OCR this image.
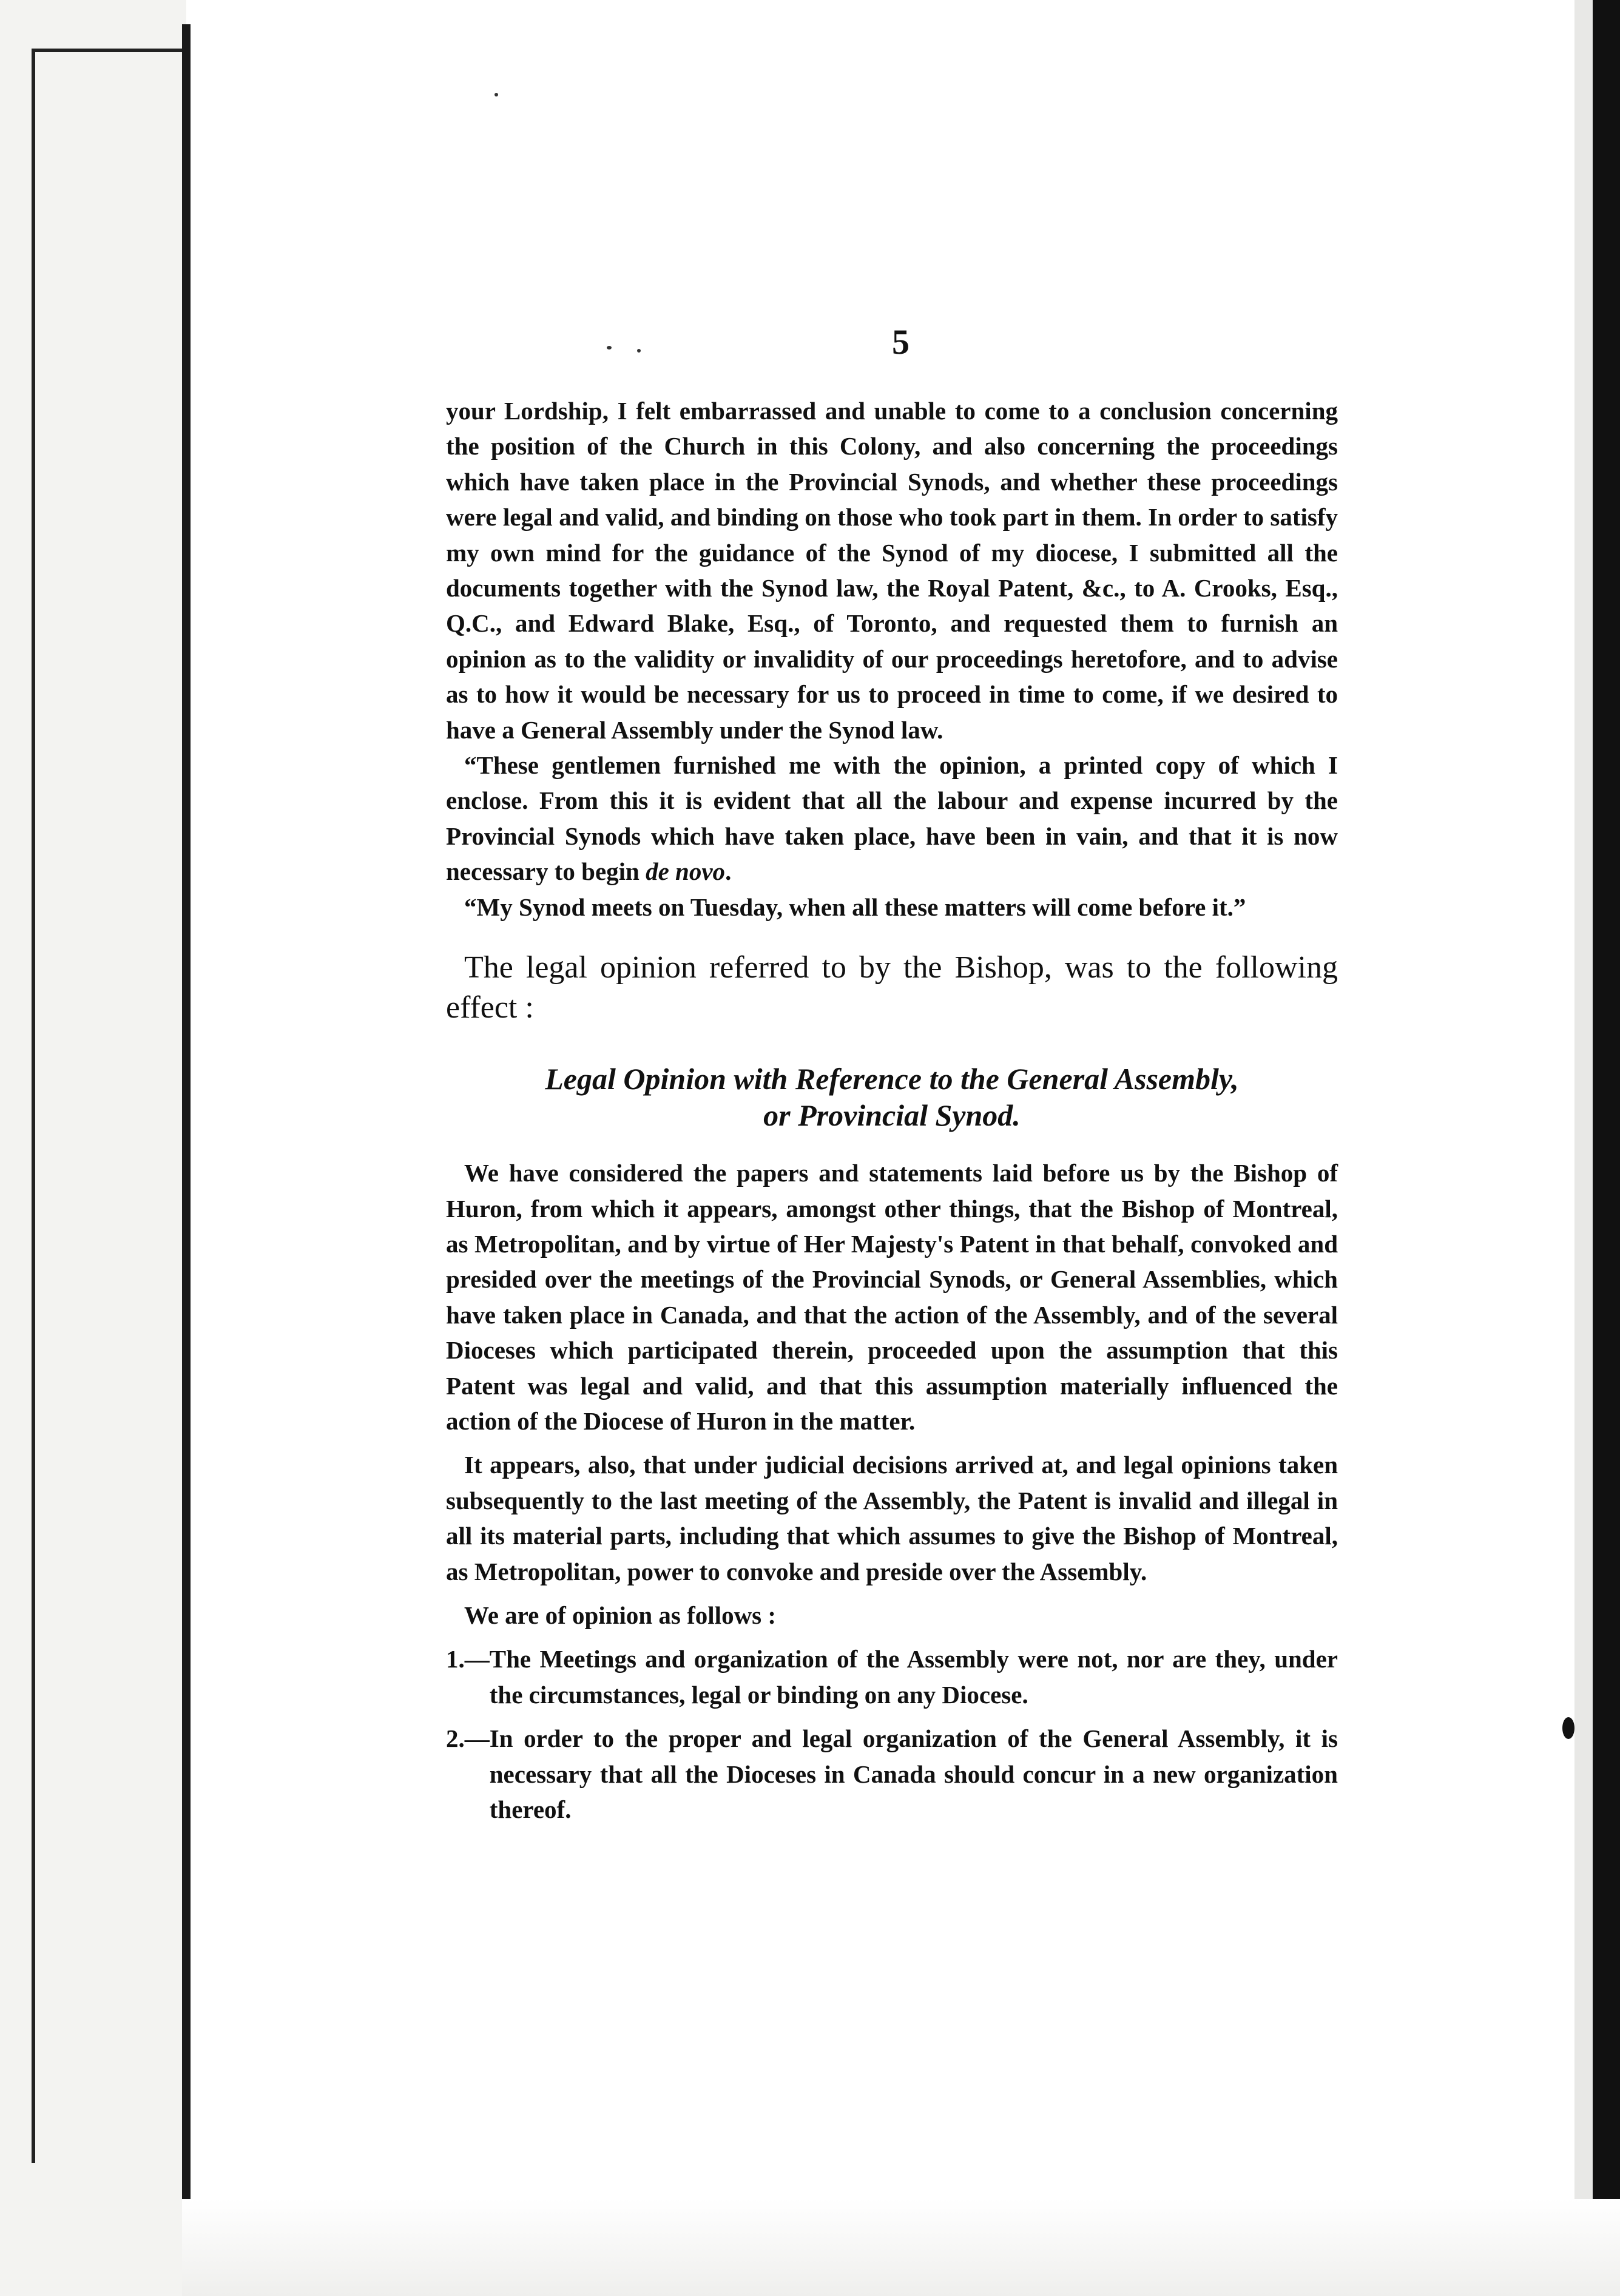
5

your Lordship, I felt embarrassed and unable to come to a conclusion concerning the position of the Church in this Colony, and also concerning the proceedings which have taken place in the Provincial Synods, and whether these proceedings were legal and valid, and binding on those who took part in them. In order to satisfy my own mind for the guidance of the Synod of my diocese, I submitted all the documents together with the Synod law, the Royal Patent, &c., to A. Crooks, Esq., Q.C., and Edward Blake, Esq., of Toronto, and requested them to furnish an opinion as to the validity or invalidity of our proceedings heretofore, and to advise as to how it would be necessary for us to proceed in time to come, if we desired to have a General Assembly under the Synod law.

“These gentlemen furnished me with the opinion, a printed copy of which I enclose. From this it is evident that all the labour and expense incurred by the Provincial Synods which have taken place, have been in vain, and that it is now necessary to begin de novo.

“My Synod meets on Tuesday, when all these matters will come before it.”

The legal opinion referred to by the Bishop, was to the following effect :

Legal Opinion with Reference to the General Assembly,
or Provincial Synod.

We have considered the papers and statements laid before us by the Bishop of Huron, from which it appears, amongst other things, that the Bishop of Montreal, as Metropolitan, and by virtue of Her Majesty's Patent in that behalf, convoked and presided over the meetings of the Provincial Synods, or General Assemblies, which have taken place in Canada, and that the action of the Assembly, and of the several Dioceses which participated therein, proceeded upon the assumption that this Patent was legal and valid, and that this assumption materially influenced the action of the Diocese of Huron in the matter.

It appears, also, that under judicial decisions arrived at, and legal opinions taken subsequently to the last meeting of the Assembly, the Patent is invalid and illegal in all its material parts, including that which assumes to give the Bishop of Montreal, as Metropolitan, power to convoke and preside over the Assembly.

We are of opinion as follows :

1.— The Meetings and organization of the Assembly were not, nor are they, under the circumstances, legal or binding on any Diocese.

2.— In order to the proper and legal organization of the General Assembly, it is necessary that all the Dioceses in Canada should concur in a new organization thereof.
